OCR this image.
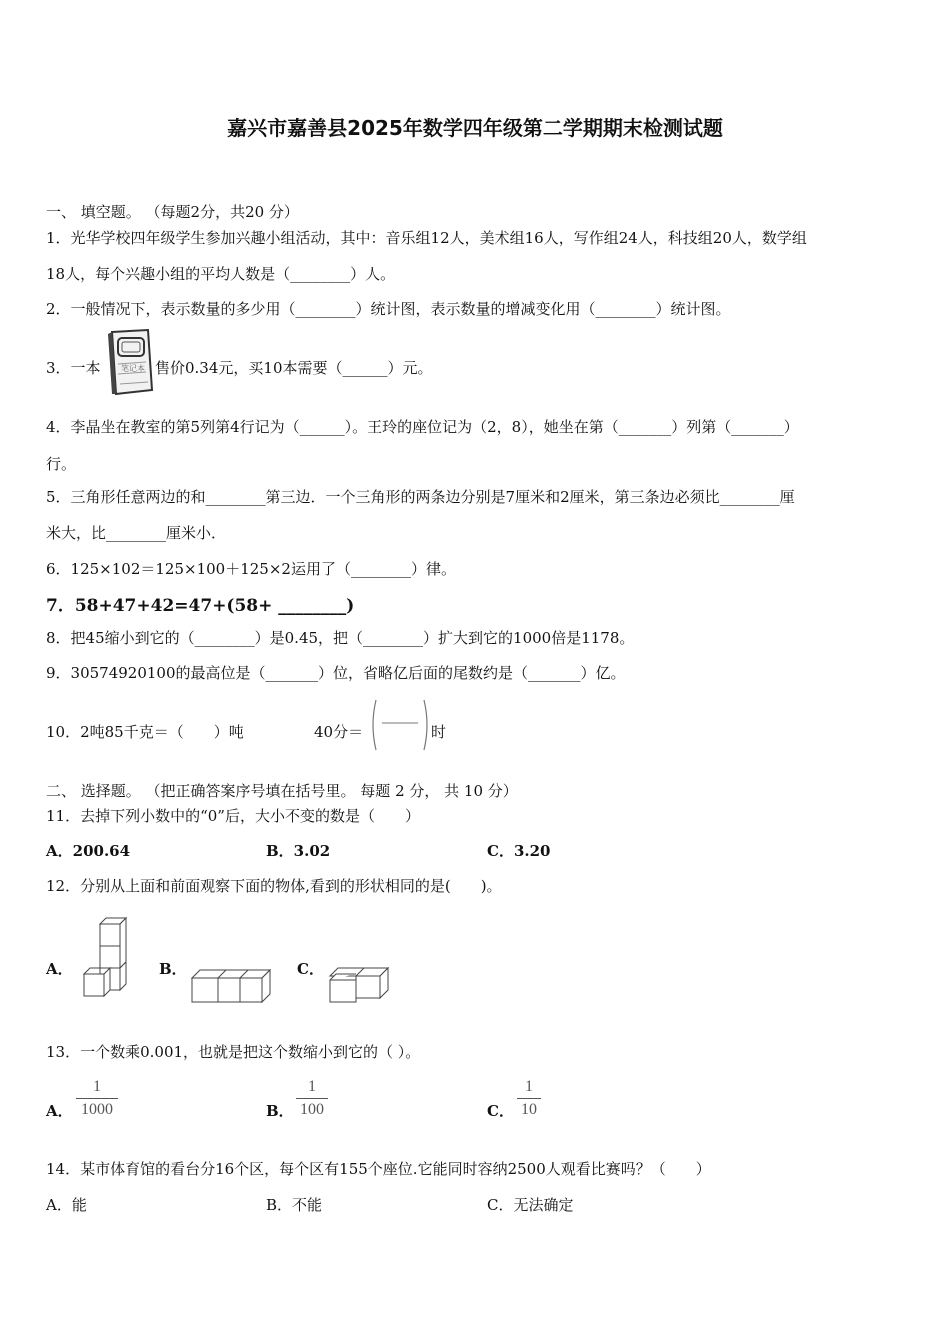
嘉兴市嘉善县2025年数学四年级第二学期期末检测试题
一、 填空题。 （每题2分，共20 分）
1．光华学校四年级学生参加兴趣小组活动，其中：音乐组12人，美术组16人，写作组24人，科技组20人，数学组
18人，每个兴趣小组的平均人数是（________）人。
2．一般情况下，表示数量的多少用（________）统计图，表示数量的增减变化用（________）统计图。
3．一本	笔记本 售价0.34元，买10本需要（______）元。
4．李晶坐在教室的第5列第4行记为（______）。王玲的座位记为（2，8），她坐在第（_______）列第（_______）
行。
5．三角形任意两边的和________第三边．一个三角形的两条边分别是7厘米和2厘米，第三条边必须比________厘
米大，比________厘米小．
6．125×102＝125×100＋125×2运用了（________）律。
7．58+47+42=47+(58+ ________)
8．把45缩小到它的（________）是0.45，把（________）扩大到它的1000倍是1178。
9．30574920100的最高位是（_______）位，省略亿后面的尾数约是（_______）亿。
10．2吨85千克＝（　　）吨	40分＝	时
二、 选择题。 （把正确答案序号填在括号里。 每题 2 分， 共 10 分）
11．去掉下列小数中的“0”后，大小不变的数是（　　）
A．200.64	B．3.02	C．3.20
12．分别从上面和前面观察下面的物体,看到的形状相同的是(　　)。
A．	B．	C．
13．一个数乘0.001，也就是把这个数缩小到它的（ ）。
A．
1
1000	B．
1
100	C．
1
10
14．某市体育馆的看台分16个区，每个区有155个座位.它能同时容纳2500人观看比赛吗？（　　）
A．能	B．不能	C．无法确定
